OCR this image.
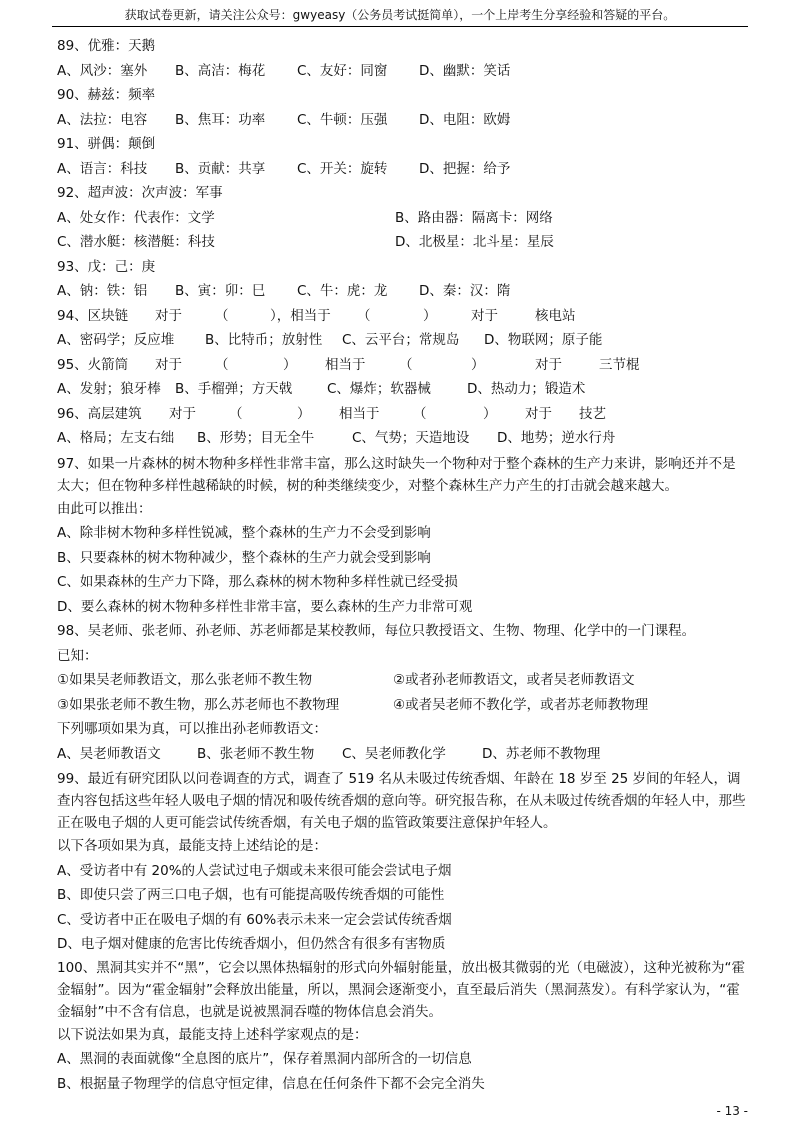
获取试卷更新，请关注公众号：gwyeasy（公务员考试挺简单），一个上岸考生分享经验和答疑的平台。
89、优雅：天鹅
A、风沙：塞外 B、高洁：梅花 C、友好：同窗 D、幽默：笑话
90、赫兹：频率
A、法拉：电容 B、焦耳：功率 C、牛顿：压强 D、电阻：欧姆
91、骈偶：颠倒
A、语言：科技 B、贡献：共享 C、开关：旋转 D、把握：给予
92、超声波：次声波：军事
A、处女作：代表作：文学	B、路由器：隔离卡：网络
C、潜水艇：核潜艇：科技	D、北极星：北斗星：星辰
93、戊：己：庚
A、钠：铁：铝 B、寅：卯：巳 C、牛：虎：龙 D、秦：汉：隋
94、区块链 对于 （	），相当于 （	）	对于	核电站
A、密码学；反应堆 B、比特币；放射性 C、云平台；常规岛 D、物联网；原子能
95、火箭筒 对于 （	） 相当于 （	）	对于	三节棍
A、发射；狼牙棒 B、手榴弹；方天戟	C、爆炸；软器械	D、热动力；锻造术
96、高层建筑 对于 （	） 相当于 （	） 对于 技艺
A、格局；左支右绌 B、形势；目无全牛	C、气势；天造地设 D、地势；逆水行舟
97、如果一片森林的树木物种多样性非常丰富，那么这时缺失一个物种对于整个森林的生产力来讲，影响还并不是太大；但在物种多样性越稀缺的时候，树的种类继续变少，对整个森林生产力产生的打击就会越来越大。
由此可以推出：
A、除非树木物种多样性锐减，整个森林的生产力不会受到影响
B、只要森林的树木物种减少，整个森林的生产力就会受到影响
C、如果森林的生产力下降，那么森林的树木物种多样性就已经受损
D、要么森林的树木物种多样性非常丰富，要么森林的生产力非常可观
98、吴老师、张老师、孙老师、苏老师都是某校教师，每位只教授语文、生物、物理、化学中的一门课程。
已知：
①如果吴老师教语文，那么张老师不教生物	②或者孙老师教语文，或者吴老师教语文
③如果张老师不教生物，那么苏老师也不教物理	④或者吴老师不教化学，或者苏老师教物理
下列哪项如果为真，可以推出孙老师教语文：
A、吴老师教语文	B、张老师不教生物 C、吴老师教化学	D、苏老师不教物理
99、最近有研究团队以问卷调查的方式，调查了 519 名从未吸过传统香烟、年龄在 18 岁至 25 岁间的年轻人，调查内容包括这些年轻人吸电子烟的情况和吸传统香烟的意向等。研究报告称，在从未吸过传统香烟的年轻人中，那些正在吸电子烟的人更可能尝试传统香烟，有关电子烟的监管政策要注意保护年轻人。
以下各项如果为真，最能支持上述结论的是：
A、受访者中有 20%的人尝试过电子烟或未来很可能会尝试电子烟
B、即使只尝了两三口电子烟，也有可能提高吸传统香烟的可能性
C、受访者中正在吸电子烟的有 60%表示未来一定会尝试传统香烟
D、电子烟对健康的危害比传统香烟小，但仍然含有很多有害物质
100、黑洞其实并不“黑”，它会以黑体热辐射的形式向外辐射能量，放出极其微弱的光（电磁波），这种光被称为“霍金辐射”。因为“霍金辐射”会释放出能量，所以，黑洞会逐渐变小，直至最后消失（黑洞蒸发）。有科学家认为，“霍金辐射”中不含有信息，也就是说被黑洞吞噬的物体信息会消失。
以下说法如果为真，最能支持上述科学家观点的是：
A、黑洞的表面就像“全息图的底片”，保存着黑洞内部所含的一切信息
B、根据量子物理学的信息守恒定律，信息在任何条件下都不会完全消失
- 13 -
